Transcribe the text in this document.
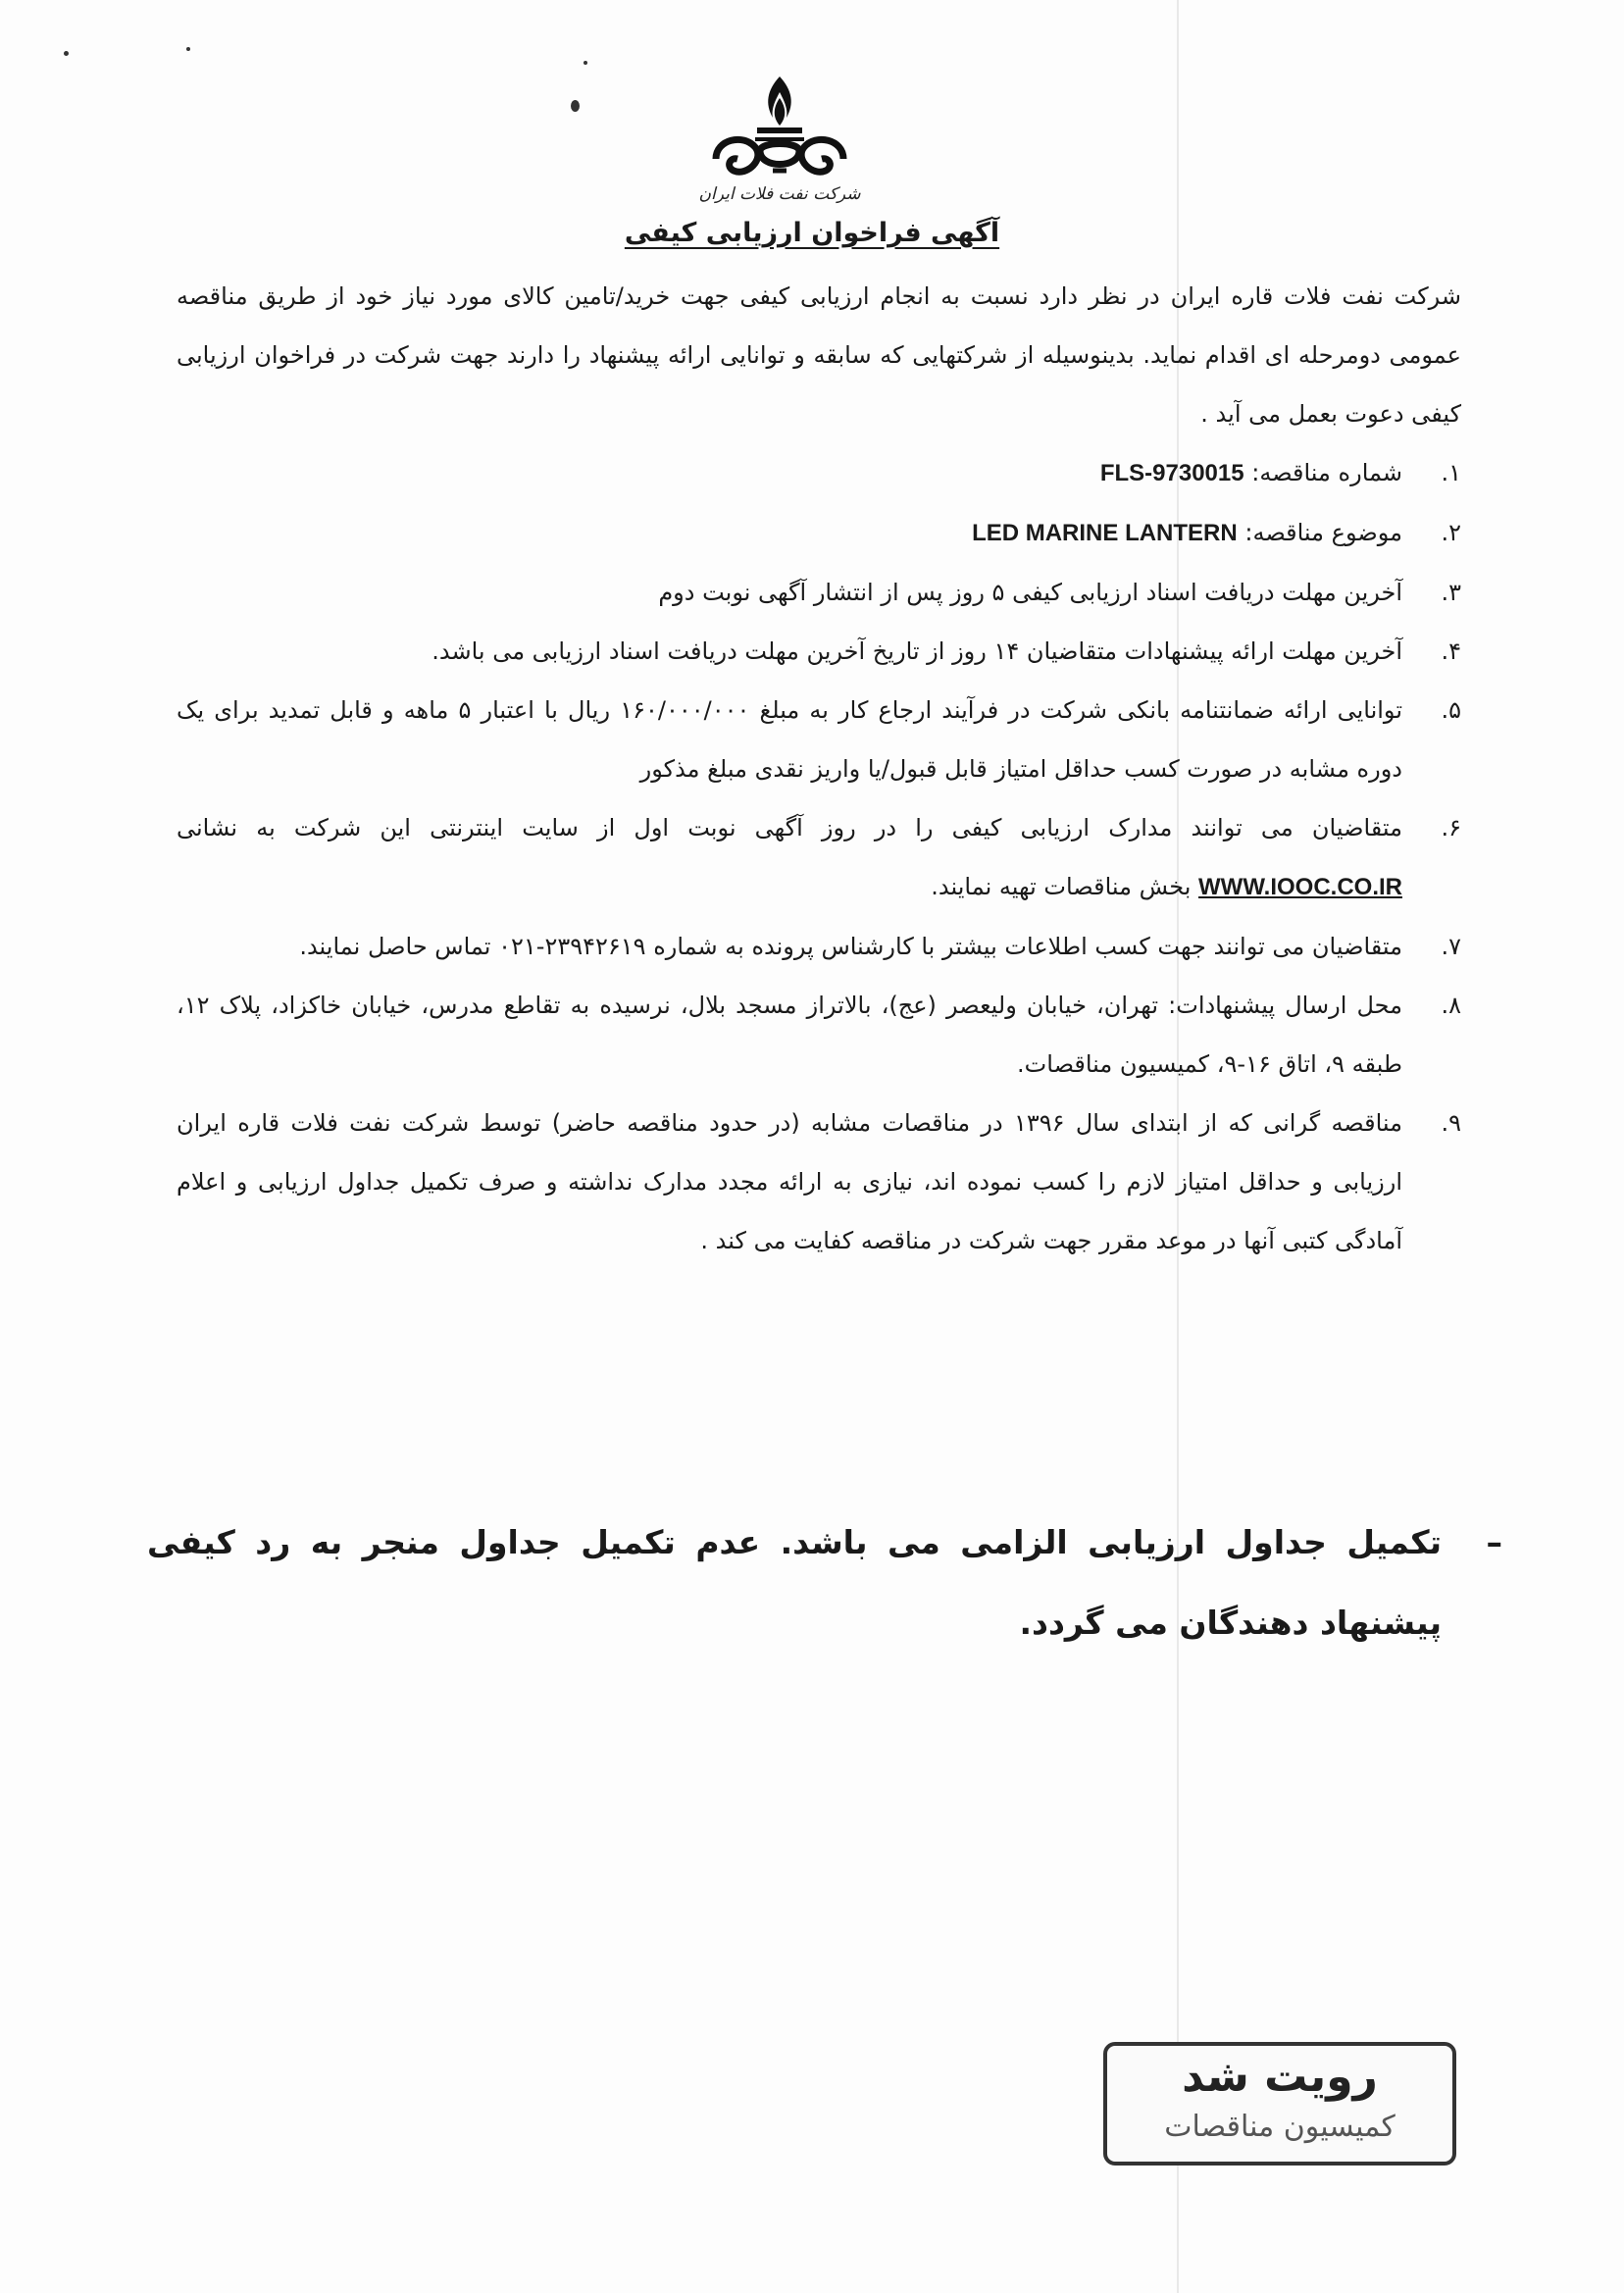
شرکت نفت فلات ایران
آگهی فراخوان ارزیابی کیفی

شرکت نفت فلات قاره ایران در نظر دارد نسبت به انجام ارزیابی کیفی جهت خرید/تامین کالای مورد نیاز خود از طریق مناقصه عمومی دومرحله ای اقدام نماید. بدینوسیله از شرکتهایی که سابقه و توانایی ارائه پیشنهاد را دارند جهت شرکت در فراخوان ارزیابی کیفی دعوت بعمل می آید .

۱.
شماره مناقصه: FLS-9730015
۲.
موضوع مناقصه: LED MARINE LANTERN
۳.
آخرین مهلت دریافت اسناد ارزیابی کیفی ۵ روز پس از انتشار آگهی نوبت دوم
۴.
آخرین مهلت ارائه پیشنهادات متقاضیان ۱۴ روز از تاریخ آخرین مهلت دریافت اسناد ارزیابی می باشد.
۵.
توانایی ارائه ضمانتنامه بانکی شرکت در فرآیند ارجاع کار به مبلغ ۱۶۰/۰۰۰/۰۰۰ ریال با اعتبار ۵ ماهه و قابل تمدید برای یک دوره مشابه در صورت کسب حداقل امتیاز قابل قبول/یا واریز نقدی مبلغ مذکور
۶.
متقاضیان می توانند مدارک ارزیابی کیفی را در روز آگهی نوبت اول از سایت اینترنتی این شرکت به نشانی WWW.IOOC.CO.IR بخش مناقصات تهیه نمایند.
۷.
متقاضیان می توانند جهت کسب اطلاعات بیشتر با کارشناس پرونده به شماره ۲۳۹۴۲۶۱۹-۰۲۱ تماس حاصل نمایند.
۸.
محل ارسال پیشنهادات: تهران، خیابان ولیعصر (عج)، بالاتراز مسجد بلال، نرسیده به تقاطع مدرس، خیابان خاکزاد، پلاک ۱۲، طبقه ۹، اتاق ۱۶-۹، کمیسیون مناقصات.
۹.
مناقصه گرانی که از ابتدای سال ۱۳۹۶ در مناقصات مشابه (در حدود مناقصه حاضر) توسط شرکت نفت فلات قاره ایران ارزیابی و حداقل امتیاز لازم را کسب نموده اند، نیازی به ارائه مجدد مدارک نداشته و صرف تکمیل جداول ارزیابی و اعلام آمادگی کتبی آنها در موعد مقرر جهت شرکت در مناقصه کفایت می کند .
–
تکمیل جداول ارزیابی الزامی می باشد. عدم تکمیل جداول منجر به رد کیفی پیشنهاد دهندگان می گردد.
رویت شد
کمیسیون مناقصات
